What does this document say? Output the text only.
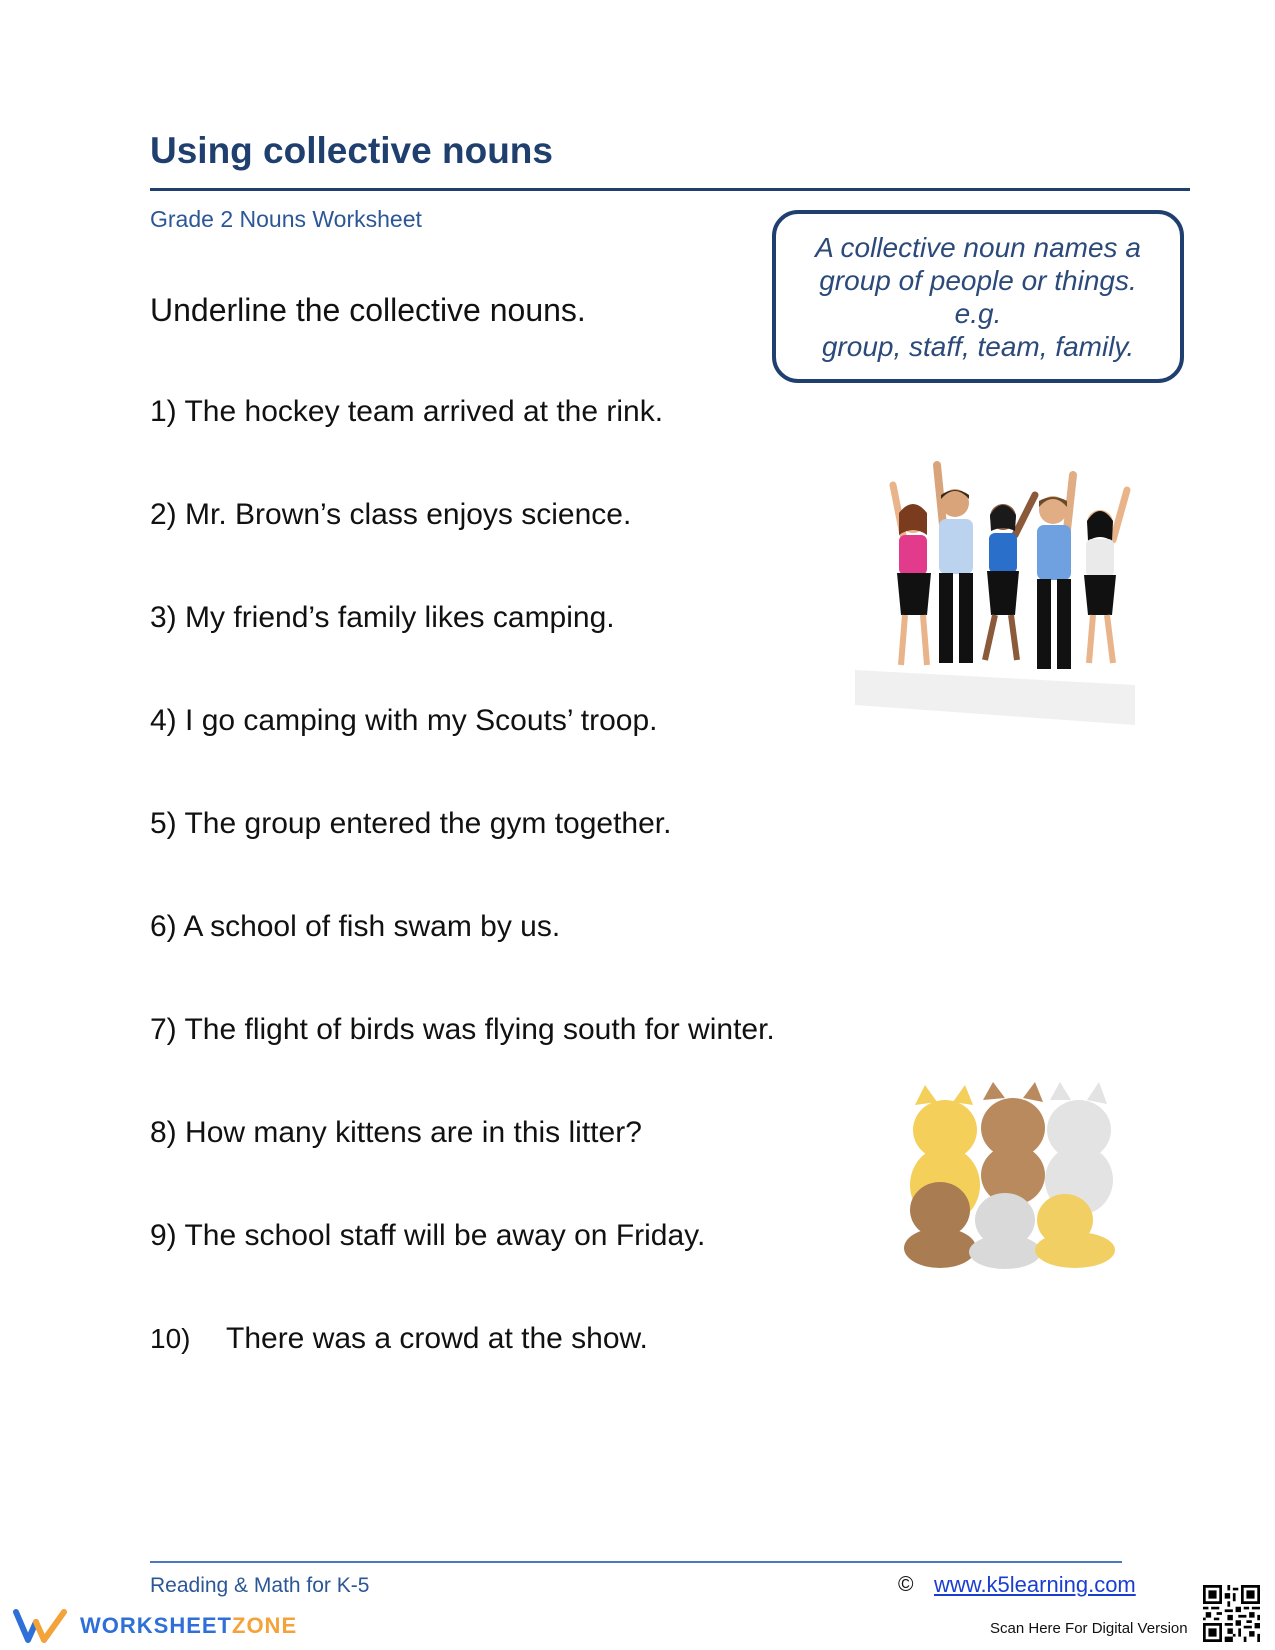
Using collective nouns
Grade 2 Nouns Worksheet
Underline the collective nouns.
A collective noun names a
group of people or things.
e.g.
group, staff, team, family.
1) The hockey team arrived at the rink.
2) Mr. Brown’s class enjoys science.
3) My friend’s family likes camping.
4) I go camping with my Scouts’ troop.
5) The group entered the gym together.
6) A school of fish swam by us.
7) The flight of birds was flying south for winter.
8) How many kittens are in this litter?
9) The school staff will be away on Friday.
10) There was a crowd at the show.
Reading & Math for K-5	© www.k5learning.com
WORKSHEETZONE	Scan Here For Digital Version
